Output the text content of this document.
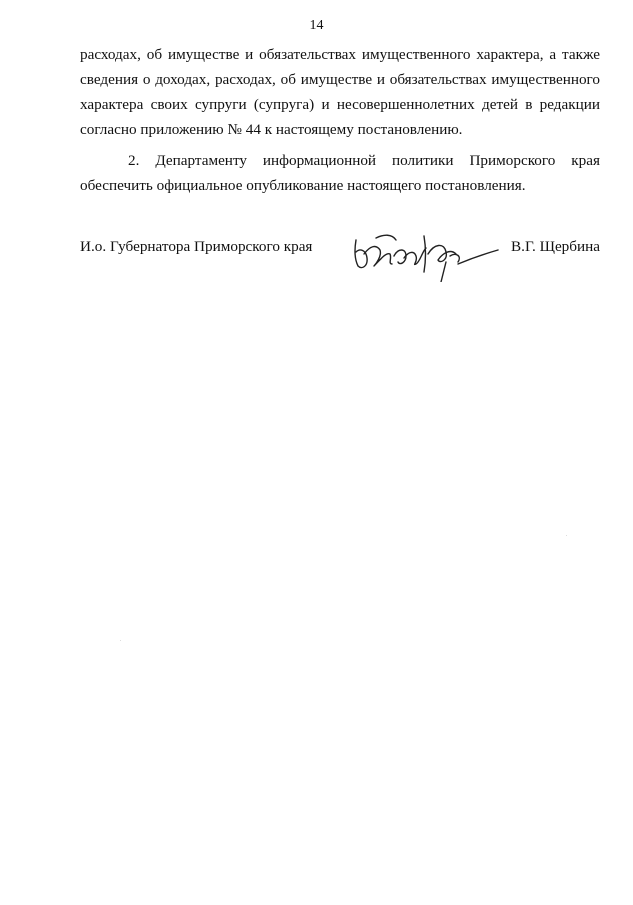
14

расходах, об имуществе и обязательствах имущественного характера, а также сведения о доходах, расходах, об имуществе и обязательствах имущественного характера своих супруги (супруга) и несовершеннолетних детей в редакции согласно приложению № 44 к настоящему постановлению.

2. Департаменту информационной политики Приморского края обеспечить официальное опубликование настоящего постановления.

И.о. Губернатора Приморского края	В.Г. Щербина
